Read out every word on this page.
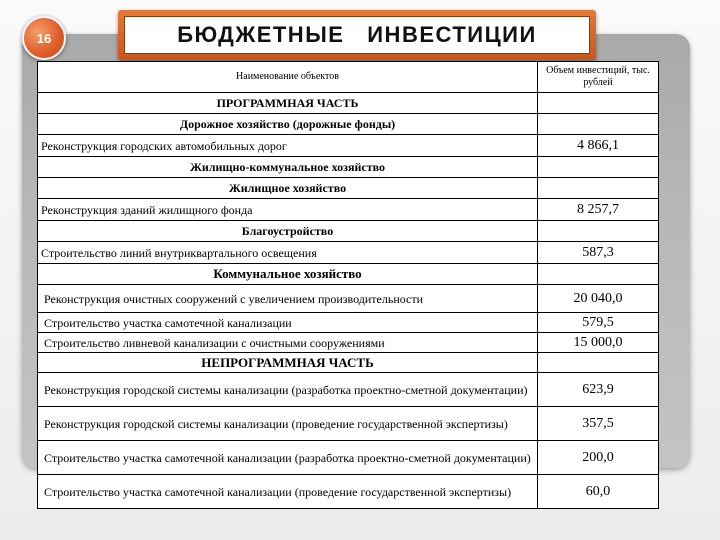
16	БЮДЖЕТНЫЕ   ИНВЕСТИЦИИ
Наименование объектов	Объем инвестиций, тыс. рублей
ПРОГРАММНАЯ ЧАСТЬ	
Дорожное хозяйство (дорожные фонды)	
Реконструкция городских автомобильных дорог	4 866,1
Жилищно-коммунальное хозяйство	
Жилищное хозяйство	
Реконструкция зданий жилищного фонда	8 257,7
Благоустройство	
Строительство линий внутриквартального освещения	587,3
Коммунальное хозяйство	
Реконструкция очистных сооружений с увеличением производительности	20 040,0
Строительство участка самотечной канализации	579,5
Строительство ливневой канализации с очистными сооружениями	15 000,0
НЕПРОГРАММНАЯ ЧАСТЬ	
Реконструкция городской системы канализации (разработка проектно-сметной документации)	623,9
Реконструкция городской системы канализации (проведение государственной экспертизы)	357,5
Строительство участка самотечной канализации (разработка проектно-сметной документации)	200,0
Строительство участка самотечной канализации (проведение государственной экспертизы)	60,0
